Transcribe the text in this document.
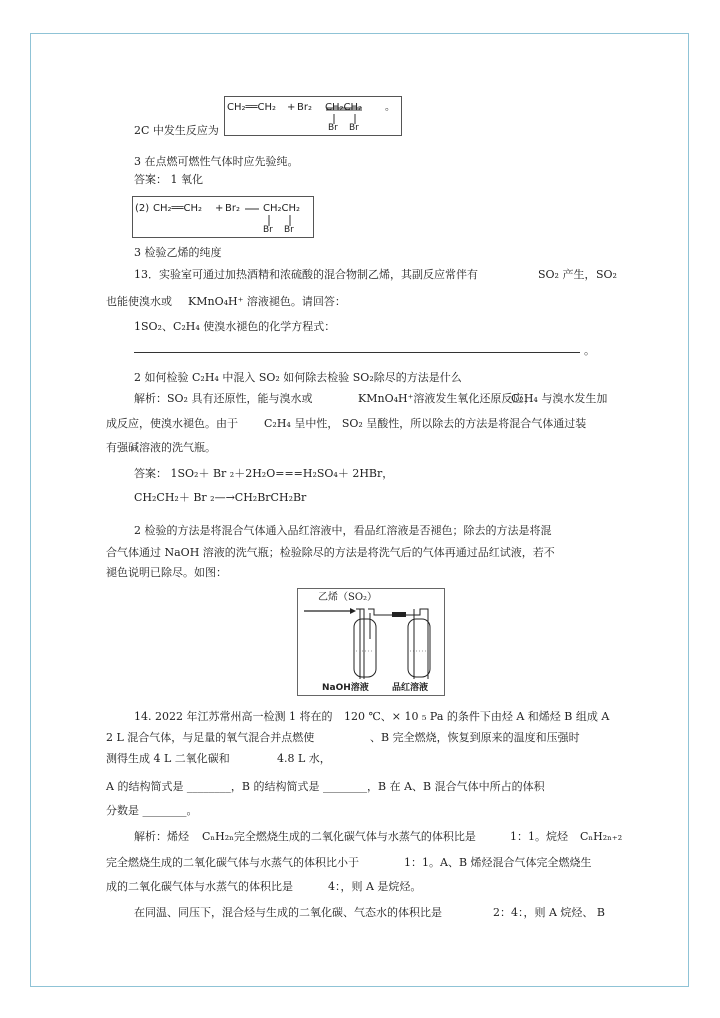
CH₂══CH₂ + Br₂ CH₂CH₂ 。
Br Br
2C 中发生反应为
3 在点燃可燃性气体时应先验纯。
答案： 1 氧化
(2) CH₂══CH₂ + Br₂ CH₂CH₂
Br Br
3 检验乙烯的纯度
13．实验室可通过加热酒精和浓硫酸的混合物制乙烯，其副反应常伴有	SO₂ 产生， SO₂
也能使溴水或 KMnO₄H⁺ 溶液褪色。请回答：
1SO₂、C₂H₄ 使溴水褪色的化学方程式：
。
2 如何检验 C₂H₄ 中混入 SO₂ 如何除去检验 SO₂除尽的方法是什么
解析：SO₂ 具有还原性，能与溴水或	KMnO₄H⁺溶液发生氧化还原反应；
C₂H₄ 与溴水发生加
成反应，使溴水褪色。由于 C₂H₄ 呈中性， SO₂ 呈酸性，所以除去的方法是将混合气体通过装
有强碱溶液的洗气瓶。
答案： 1SO₂＋ Br ₂＋2H₂O===H₂SO₄＋ 2HBr，
CH₂CH₂＋ Br ₂—→CH₂BrCH₂Br
2 检验的方法是将混合气体通入品红溶液中，看品红溶液是否褪色；除去的方法是将混
合气体通过 NaOH 溶液的洗气瓶；检验除尽的方法是将洗气后的气体再通过品红试液，若不
褪色说明已除尽。如图：
乙烯（SO₂）
NaOH溶液	品红溶液
14. 2022 年江苏常州高一检测 1 将在的 120 ℃、× 10 ₅ Pa 的条件下由烃 A 和烯烃 B 组成 A
2 L 混合气体，与足量的氧气混合并点燃使	、B 完全燃烧，恢复到原来的温度和压强时
测得生成 4 L 二氧化碳和	4.8 L 水，
A 的结构简式是 ________，B 的结构简式是 ________，B 在 A、B 混合气体中所占的体积
分数是 ________。
解析：烯烃 CₙH₂ₙ完全燃烧生成的二氧化碳气体与水蒸气的体积比是	1：1。烷烃 CₙH₂ₙ₊₂
完全燃烧生成的二氧化碳气体与水蒸气的体积比小于	1：1。A、B 烯烃混合气体完全燃烧生
成的二氧化碳气体与水蒸气的体积比是	4：，则 A 是烷烃。
在同温、同压下，混合烃与生成的二氧化碳、气态水的体积比是	2：4：，则 A 烷烃、 B
